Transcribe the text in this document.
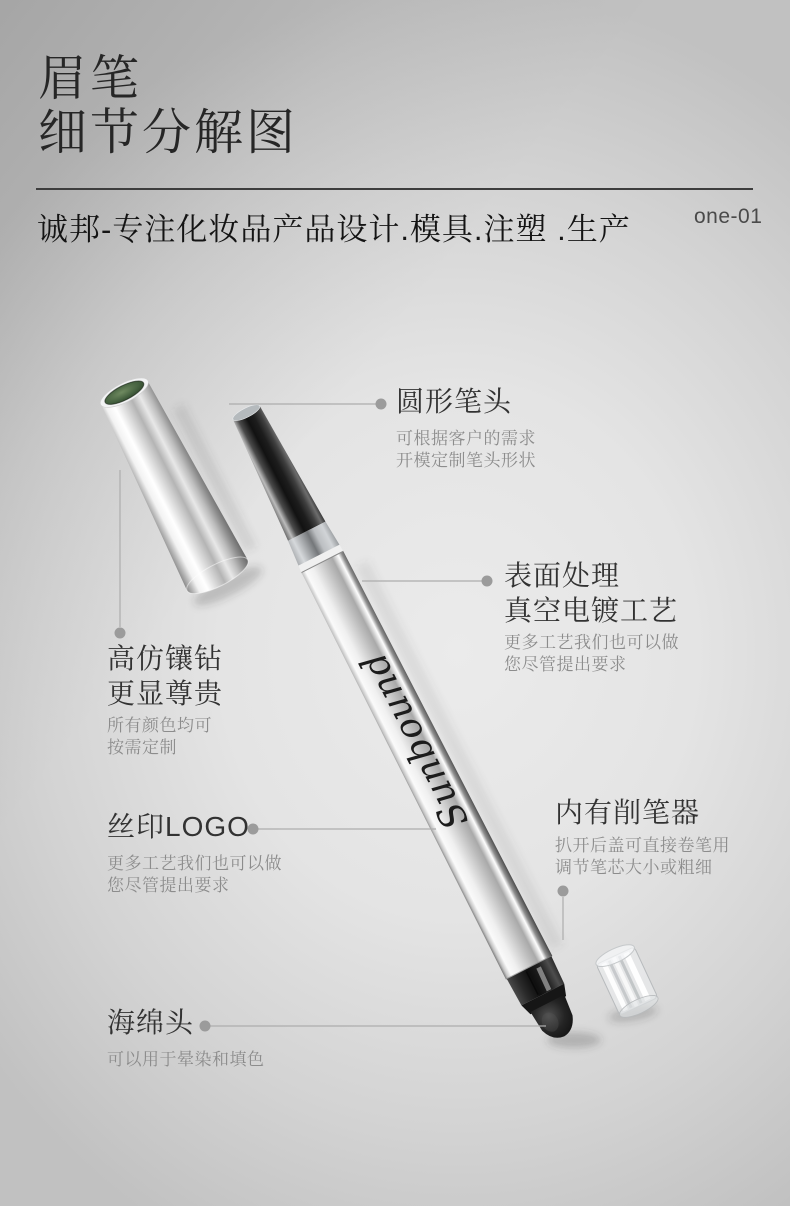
Sunbound
眉笔
细节分解图
诚邦-专注化妆品产品设计.模具.注塑 .生产	one-01
圆形笔头
可根据客户的需求
开模定制笔头形状
表面处理
真空电镀工艺
更多工艺我们也可以做
您尽管提出要求
高仿镶钻
更显尊贵
所有颜色均可
按需定制
丝印LOGO
更多工艺我们也可以做
您尽管提出要求
内有削笔器
扒开后盖可直接卷笔用
调节笔芯大小或粗细
海绵头
可以用于晕染和填色
